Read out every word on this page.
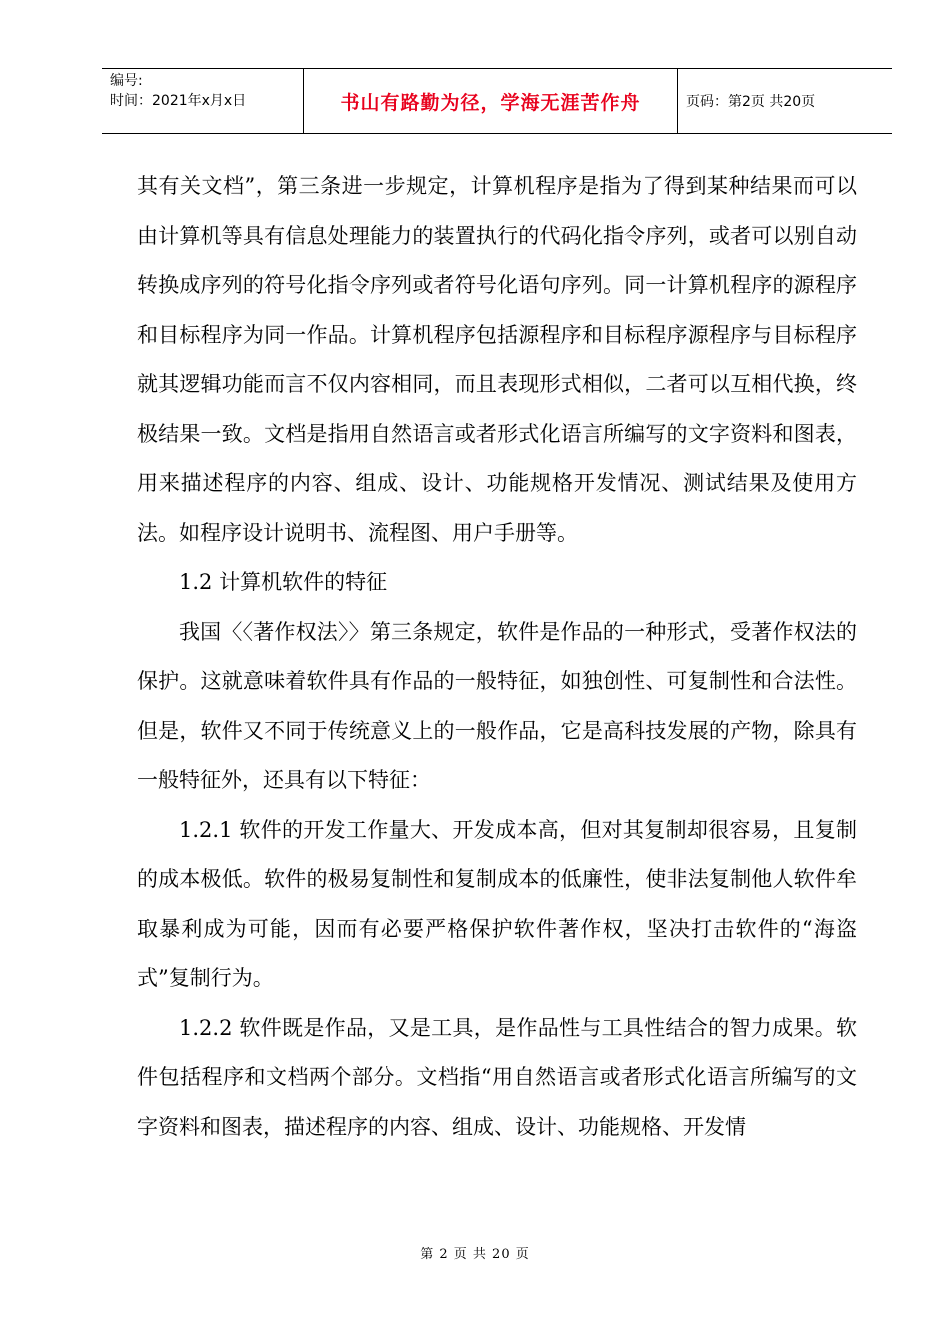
编号:
时间：2021年x月x日	书山有路勤为径，学海无涯苦作舟	页码：第2页 共20页

其有关文档”，第三条进一步规定，计算机程序是指为了得到某种结果而可以由计算机等具有信息处理能力的装置执行的代码化指令序列，或者可以别自动转换成序列的符号化指令序列或者符号化语句序列。同一计算机程序的源程序和目标程序为同一作品。计算机程序包括源程序和目标程序源程序与目标程序就其逻辑功能而言不仅内容相同，而且表现形式相似，二者可以互相代换，终极结果一致。文档是指用自然语言或者形式化语言所编写的文字资料和图表，用来描述程序的内容、组成、设计、功能规格开发情况、测试结果及使用方法。如程序设计说明书、流程图、用户手册等。

1.2 计算机软件的特征

我国〈〈著作权法〉〉第三条规定，软件是作品的一种形式，受著作权法的保护。这就意味着软件具有作品的一般特征，如独创性、可复制性和合法性。但是，软件又不同于传统意义上的一般作品，它是高科技发展的产物，除具有一般特征外，还具有以下特征：

1.2.1 软件的开发工作量大、开发成本高，但对其复制却很容易，且复制的成本极低。软件的极易复制性和复制成本的低廉性，使非法复制他人软件牟取暴利成为可能，因而有必要严格保护软件著作权，坚决打击软件的“海盗式”复制行为。

1.2.2 软件既是作品，又是工具，是作品性与工具性结合的智力成果。软件包括程序和文档两个部分。文档指“用自然语言或者形式化语言所编写的文字资料和图表，描述程序的内容、组成、设计、功能规格、开发情

第 2 页 共 20 页
